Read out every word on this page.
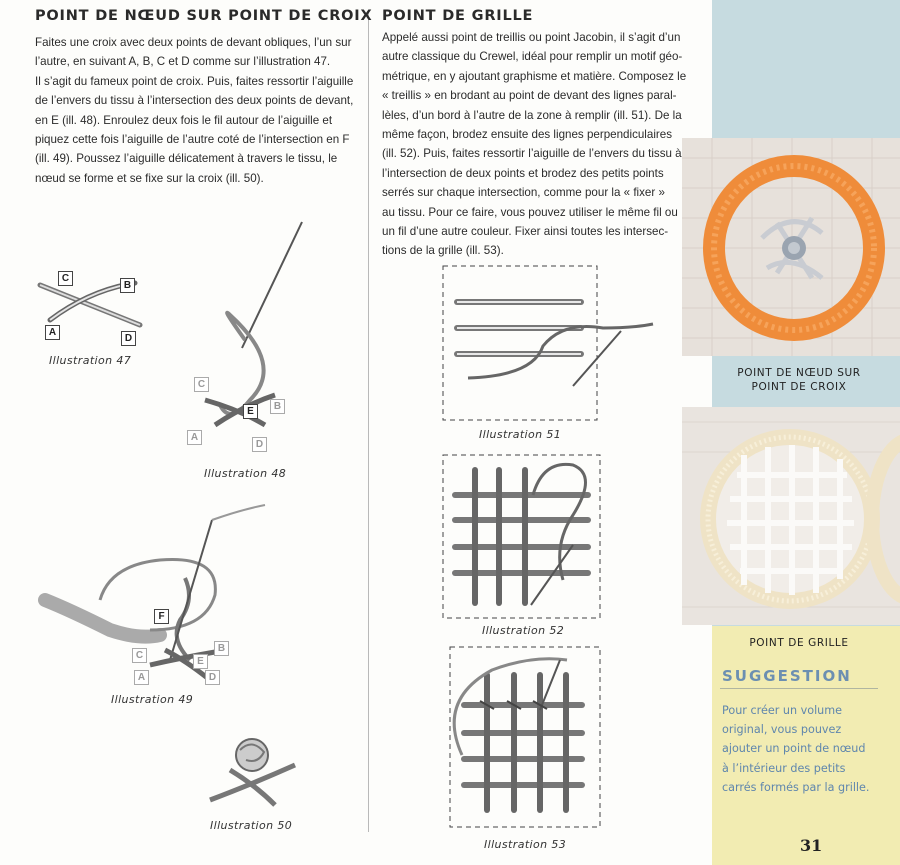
POINT DE NŒUD SUR POINT DE CROIX
Faites une croix avec deux points de devant obliques, l’un sur
l’autre, en suivant A, B, C et D comme sur l’illustration 47.
Il s’agit du fameux point de croix. Puis, faites ressortir l’aiguille
de l’envers du tissu à l’intersection des deux points de devant,
en E (ill. 48). Enroulez deux fois le fil autour de l’aiguille et
piquez cette fois l’aiguille de l’autre coté de l’intersection en F
(ill. 49). Poussez l’aiguille délicatement à travers le tissu, le
nœud se forme et se fixe sur la croix (ill. 50).
C
B
A
D
Illustration 47
C
E	B
A
D
Illustration 48
F
C
B
E
A	D
Illustration 49
Illustration 50
POINT DE GRILLE
Appelé aussi point de treillis ou point Jacobin, il s’agit d’un
autre classique du Crewel, idéal pour remplir un motif géo-
métrique, en y ajoutant graphisme et matière. Composez le
« treillis » en brodant au point de devant des lignes paral-
lèles, d’un bord à l’autre de la zone à remplir (ill. 51). De la
même façon, brodez ensuite des lignes perpendiculaires
(ill. 52). Puis, faites ressortir l’aiguille de l’envers du tissu à
l’intersection de deux points et brodez des petits points
serrés sur chaque intersection, comme pour la « fixer »
au tissu. Pour ce faire, vous pouvez utiliser le même fil ou
un fil d’une autre couleur. Fixer ainsi toutes les intersec-
tions de la grille (ill. 53).
Illustration 51
Illustration 52
Illustration 53
POINT DE NŒUD SUR
POINT DE CROIX
POINT DE GRILLE
SUGGESTION
Pour créer un volume
original, vous pouvez
ajouter un point de nœud
à l’intérieur des petits
carrés formés par la grille.
31
